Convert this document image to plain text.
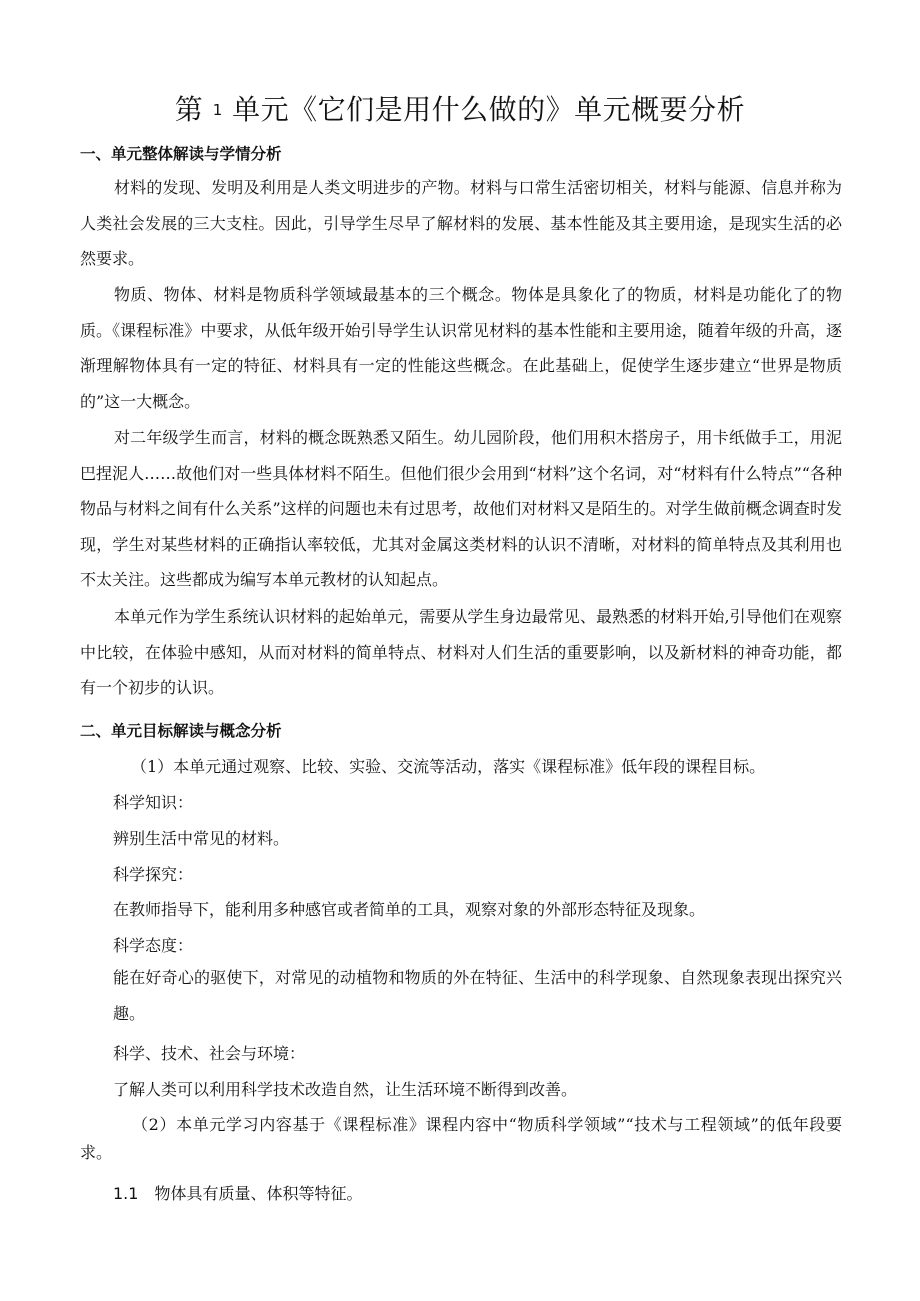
第 1 单元《它们是用什么做的》单元概要分析
一、单元整体解读与学情分析

材料的发现、发明及利用是人类文明进步的产物。材料与口常生活密切相关，材料与能源、信息并称为人类社会发展的三大支柱。因此，引导学生尽早了解材料的发展、基本性能及其主要用途，是现实生活的必然要求。

物质、物体、材料是物质科学领域最基本的三个概念。物体是具象化了的物质，材料是功能化了的物质。《课程标准》中要求，从低年级开始引导学生认识常见材料的基本性能和主要用途，随着年级的升高，逐渐理解物体具有一定的特征、材料具有一定的性能这些概念。在此基础上，促使学生逐步建立“世界是物质的”这一大概念。

对二年级学生而言，材料的概念既熟悉又陌生。幼儿园阶段，他们用积木搭房子，用卡纸做手工，用泥巴捏泥人……故他们对一些具体材料不陌生。但他们很少会用到“材料”这个名词，对“材料有什么特点”“各种物品与材料之间有什么关系”这样的问题也未有过思考，故他们对材料又是陌生的。对学生做前概念调查时发现，学生对某些材料的正确指认率较低，尤其对金属这类材料的认识不清晰，对材料的简单特点及其利用也不太关注。这些都成为编写本单元教材的认知起点。

本单元作为学生系统认识材料的起始单元，需要从学生身边最常见、最熟悉的材料开始,引导他们在观察中比较，在体验中感知，从而对材料的简单特点、材料对人们生活的重要影响，以及新材料的神奇功能，都有一个初步的认识。

二、单元目标解读与概念分析

（1）本单元通过观察、比较、实验、交流等活动，落实《课程标准》低年段的课程目标。

科学知识：

辨别生活中常见的材料。

科学探究：

在教师指导下，能利用多种感官或者简单的工具，观察对象的外部形态特征及现象。

科学态度：

能在好奇心的驱使下，对常见的动植物和物质的外在特征、生活中的科学现象、自然现象表现出探究兴趣。

科学、技术、社会与环境：

了解人类可以利用科学技术改造自然，让生活环境不断得到改善。

（2）本单元学习内容基于《课程标准》课程内容中“物质科学领域”“技术与工程领域”的低年段要求。

1.1 物体具有质量、体积等特征。
